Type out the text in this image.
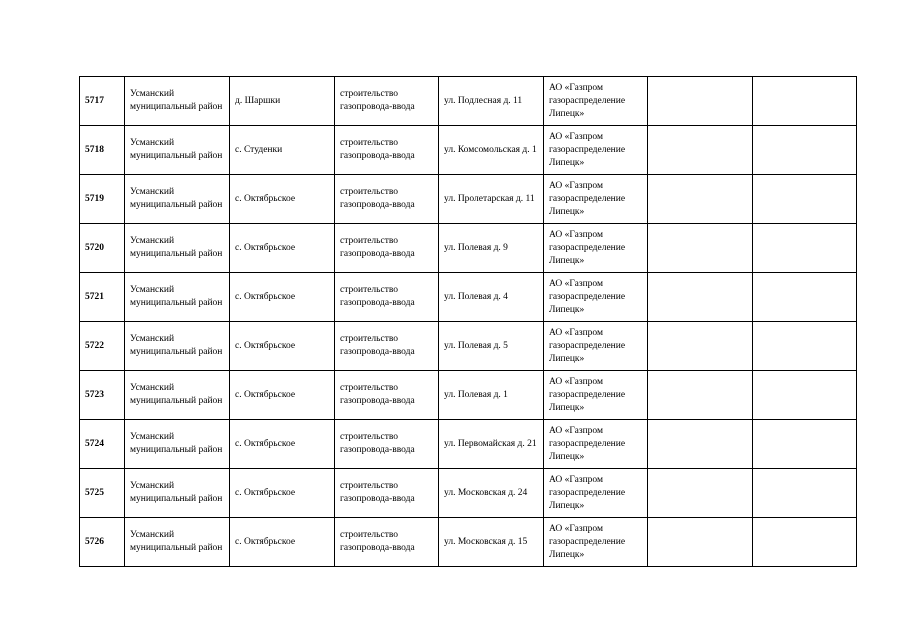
5717	Усманский муниципальный район	д. Шаршки	строительство газопровода-ввода	ул. Подлесная д. 11	АО «Газпром газораспределение Липецк»		
5718	Усманский муниципальный район	с. Студенки	строительство газопровода-ввода	ул. Комсомольская д. 1	АО «Газпром газораспределение Липецк»		
5719	Усманский муниципальный район	с. Октябрьское	строительство газопровода-ввода	ул. Пролетарская д. 11	АО «Газпром газораспределение Липецк»		
5720	Усманский муниципальный район	с. Октябрьское	строительство газопровода-ввода	ул. Полевая д. 9	АО «Газпром газораспределение Липецк»		
5721	Усманский муниципальный район	с. Октябрьское	строительство газопровода-ввода	ул. Полевая д. 4	АО «Газпром газораспределение Липецк»		
5722	Усманский муниципальный район	с. Октябрьское	строительство газопровода-ввода	ул. Полевая д. 5	АО «Газпром газораспределение Липецк»		
5723	Усманский муниципальный район	с. Октябрьское	строительство газопровода-ввода	ул. Полевая д. 1	АО «Газпром газораспределение Липецк»		
5724	Усманский муниципальный район	с. Октябрьское	строительство газопровода-ввода	ул. Первомайская д. 21	АО «Газпром газораспределение Липецк»		
5725	Усманский муниципальный район	с. Октябрьское	строительство газопровода-ввода	ул. Московская д. 24	АО «Газпром газораспределение Липецк»		
5726	Усманский муниципальный район	с. Октябрьское	строительство газопровода-ввода	ул. Московская д. 15	АО «Газпром газораспределение Липецк»		
